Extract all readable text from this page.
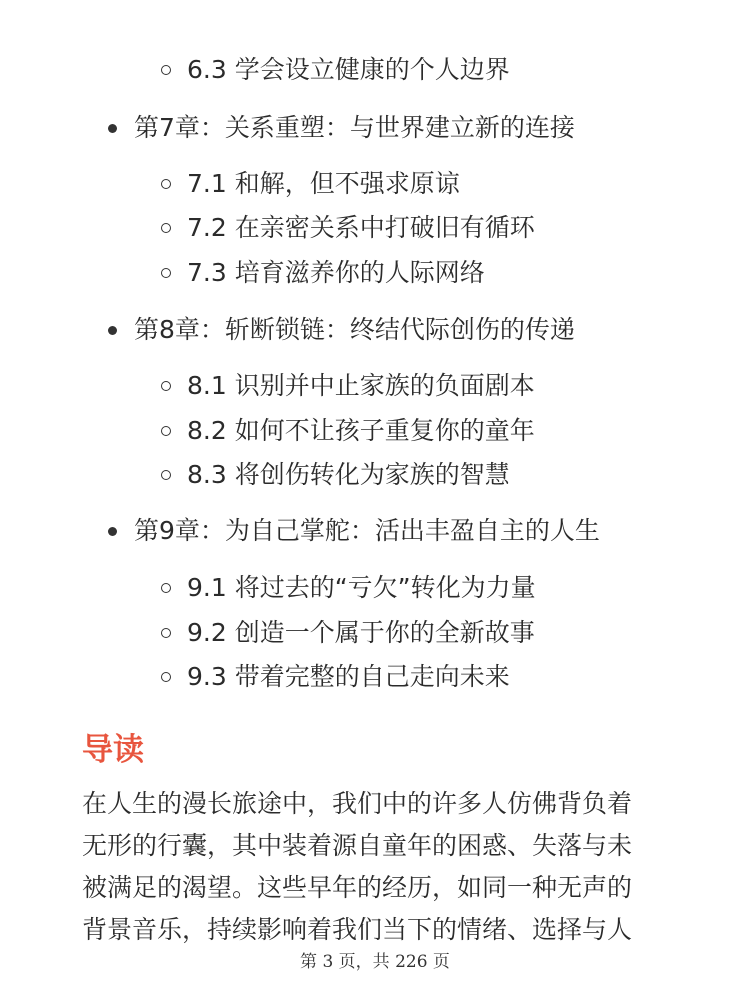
6.3 学会设立健康的个人边界
第7章：关系重塑：与世界建立新的连接
7.1 和解，但不强求原谅
7.2 在亲密关系中打破旧有循环
7.3 培育滋养你的人际网络
第8章：斩断锁链：终结代际创伤的传递
8.1 识别并中止家族的负面剧本
8.2 如何不让孩子重复你的童年
8.3 将创伤转化为家族的智慧
第9章：为自己掌舵：活出丰盈自主的人生
9.1 将过去的“亏欠”转化为力量
9.2 创造一个属于你的全新故事
9.3 带着完整的自己走向未来
导读
在人生的漫长旅途中，我们中的许多人仿佛背负着
无形的行囊，其中装着源自童年的困惑、失落与未
被满足的渴望。这些早年的经历，如同一种无声的
背景音乐，持续影响着我们当下的情绪、选择与人
第 3 页，共 226 页
